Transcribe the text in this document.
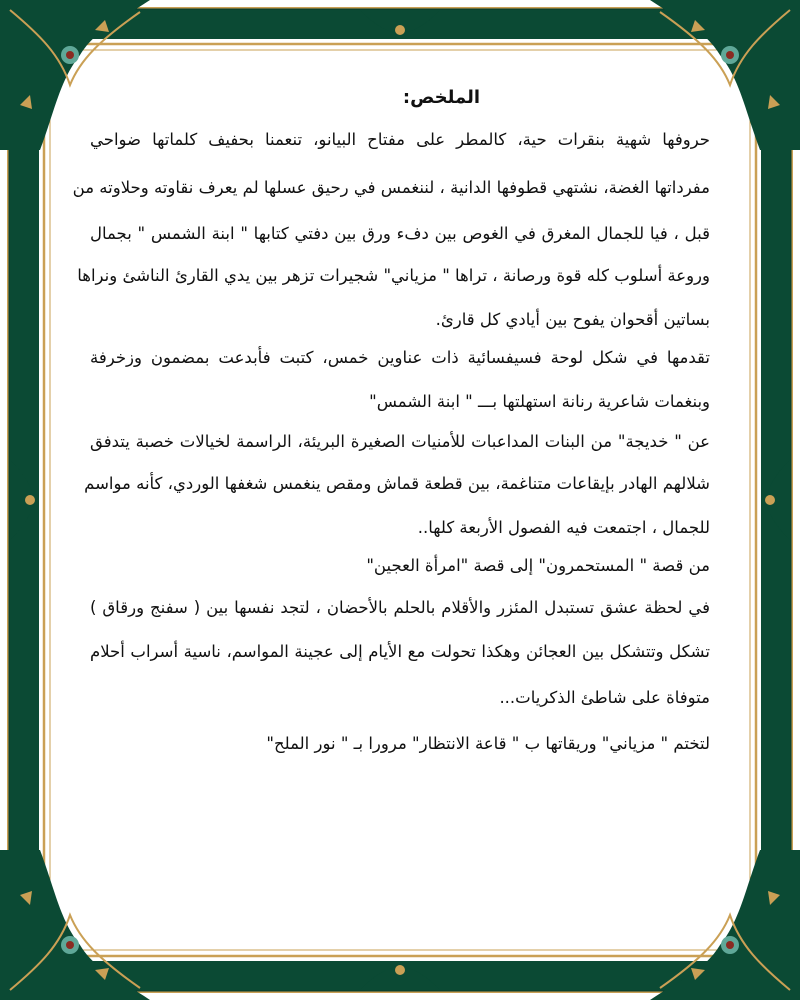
الملخص:

حروفها شهية بنقرات حية، كالمطر على مفتاح البيانو، تنعمنا بحفيف كلماتها ضواحي

مفرداتها الغضة، نشتهي قطوفها الدانية ، لننغمس في رحيق عسلها لم يعرف نقاوته وحلاوته من

قبل ، فيا للجمال المغرق في الغوص بين دفء ورق بين دفتي كتابها " ابنة الشمس " بجمال

وروعة أسلوب كله قوة ورصانة ، تراها " مزياني" شجيرات تزهر بين يدي القارئ الناشئ ونراها

بساتين أقحوان يفوح بين أيادي كل قارئ.

تقدمها في شكل لوحة فسيفسائية ذات عناوين خمس، كتبت فأبدعت بمضمون وزخرفة

وبنغمات شاعرية رنانة استهلتها بـــ " ابنة الشمس"

عن " خديجة" من البنات المداعبات للأمنيات الصغيرة البريئة، الراسمة لخيالات خصبة يتدفق

شلالهم الهادر بإيقاعات متناغمة، بين قطعة قماش ومقص ينغمس شغفها الوردي، كأنه مواسم

للجمال ، اجتمعت فيه الفصول الأربعة كلها..

من قصة " المستحمرون" إلى قصة "امرأة العجين"

في لحظة عشق تستبدل المئزر والأقلام بالحلم بالأحضان ، لتجد نفسها بين ( سفنج ورقاق )

تشكل وتتشكل بين العجائن وهكذا تحولت مع الأيام إلى عجينة المواسم، ناسية أسراب أحلام

متوفاة على شاطئ الذكريات...

لتختم " مزياني" وريقاتها ب " قاعة الانتظار" مرورا بـ " نور الملح"
